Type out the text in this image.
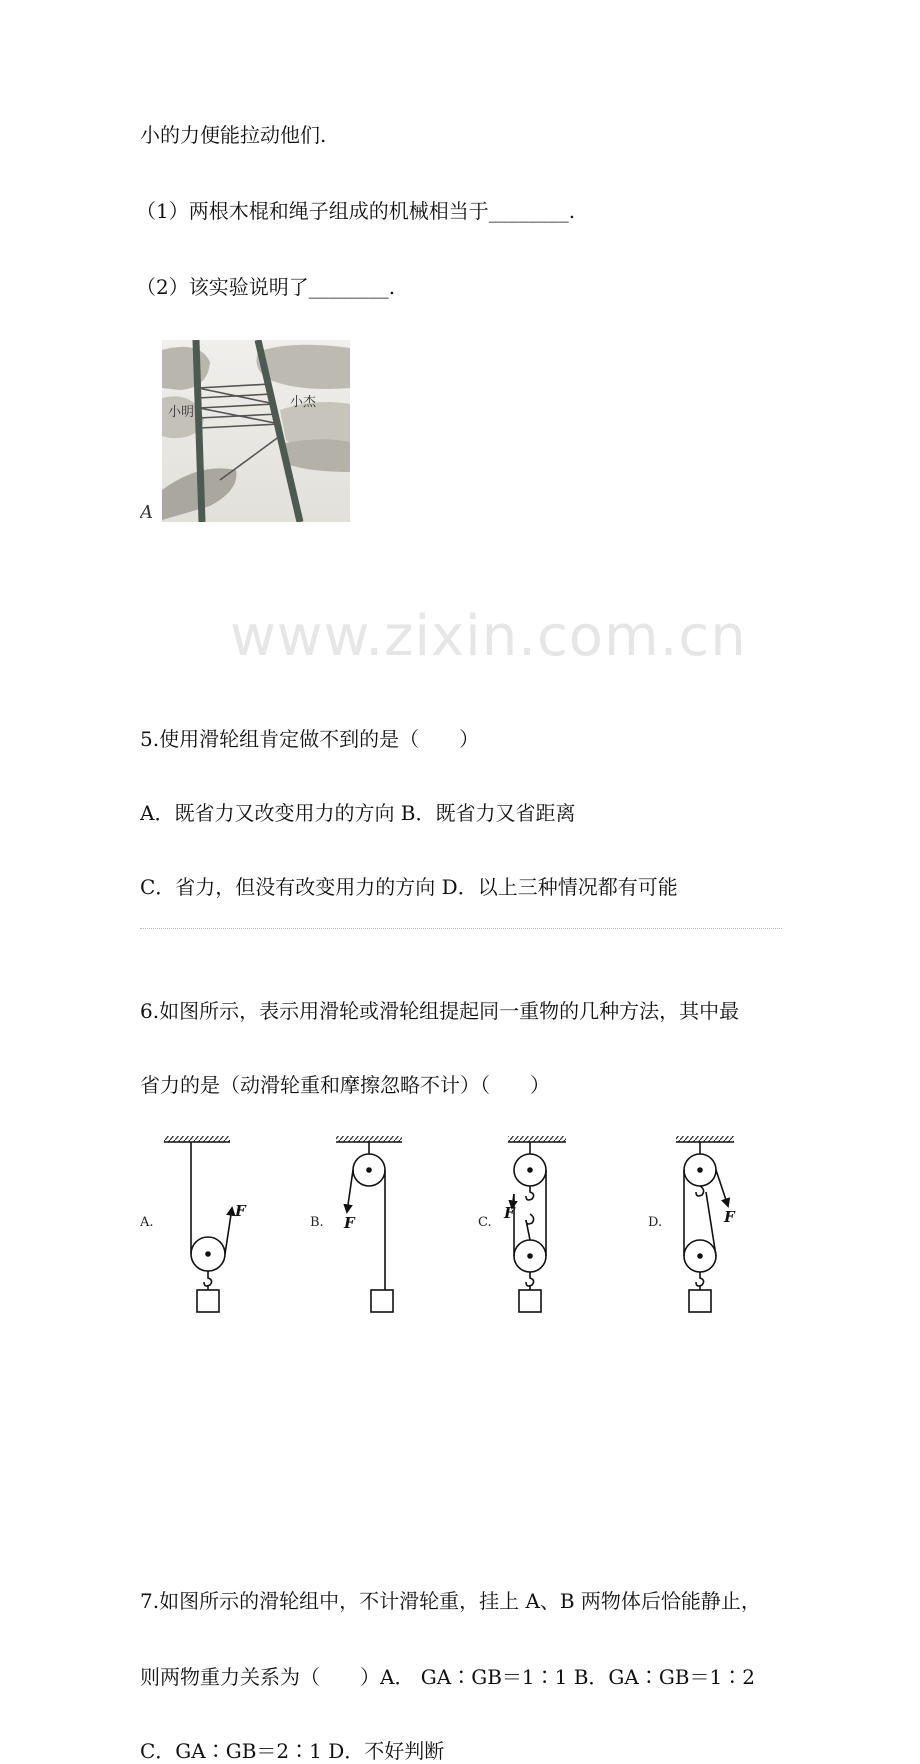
www.zixin.com.cn
小的力便能拉动他们.
（1）两根木棍和绳子组成的机械相当于________.
（2）该实验说明了________.
小明
小杰
A
5.使用滑轮组肯定做不到的是（　　）
A．既省力又改变用力的方向 B．既省力又省距离
C．省力，但没有改变用力的方向 D．以上三种情况都有可能
6.如图所示，表示用滑轮或滑轮组提起同一重物的几种方法，其中最
省力的是（动滑轮重和摩擦忽略不计）（　　）
A.
F
B. F	C.
F
D.	F
7.如图所示的滑轮组中，不计滑轮重，挂上 A、B 两物体后恰能静止，
则两物重力关系为（　　）A． GA∶GB＝1∶1 B．GA∶GB＝1∶2
C．GA∶GB＝2∶1 D．不好判断
